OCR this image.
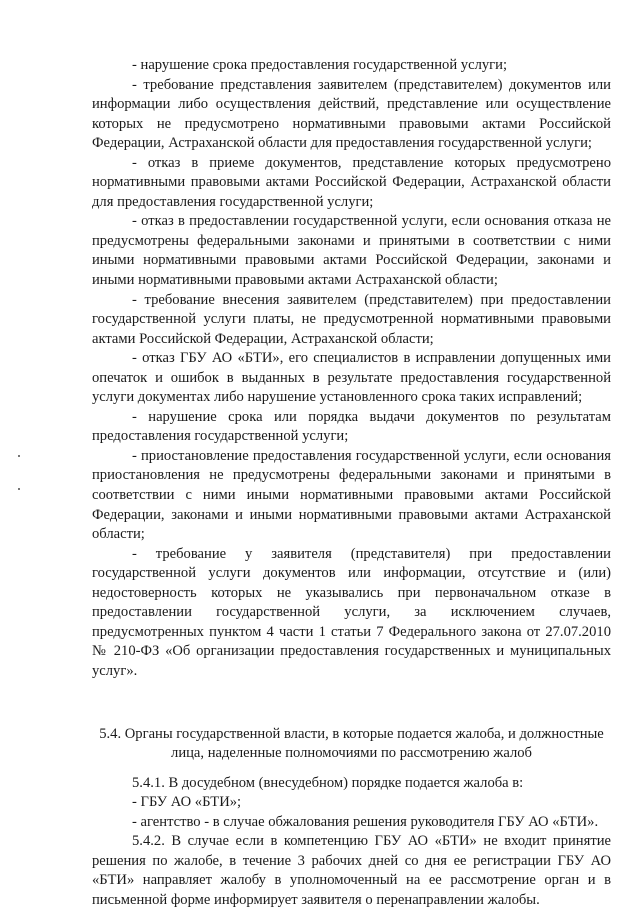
- нарушение срока предоставления государственной услуги;

- требование представления заявителем (представителем) документов или информации либо осуществления действий, представление или осуществление которых не предусмотрено нормативными правовыми актами Российской Федерации, Астраханской области для предоставления государственной услуги;

- отказ в приеме документов, представление которых предусмотрено нормативными правовыми актами Российской Федерации, Астраханской области для предоставления государственной услуги;

- отказ в предоставлении государственной услуги, если основания отказа не предусмотрены федеральными законами и принятыми в соответствии с ними иными нормативными правовыми актами Российской Федерации, законами и иными нормативными правовыми актами Астраханской области;

- требование внесения заявителем (представителем) при предоставлении государственной услуги платы, не предусмотренной нормативными правовыми актами Российской Федерации, Астраханской области;

- отказ ГБУ АО «БТИ», его специалистов в исправлении допущенных ими опечаток и ошибок в выданных в результате предоставления государственной услуги документах либо нарушение установленного срока таких исправлений;

- нарушение срока или порядка выдачи документов по результатам предоставления государственной услуги;

- приостановление предоставления государственной услуги, если основания приостановления не предусмотрены федеральными законами и принятыми в соответствии с ними иными нормативными правовыми актами Российской Федерации, законами и иными нормативными правовыми актами Астраханской области;

- требование у заявителя (представителя) при предоставлении государственной услуги документов или информации, отсутствие и (или) недостоверность которых не указывались при первоначальном отказе в предоставлении государственной услуги, за исключением случаев, предусмотренных пунктом 4 части 1 статьи 7 Федерального закона от 27.07.2010 № 210-ФЗ «Об организации предоставления государственных и муниципальных услуг».

5.4. Органы государственной власти, в которые подается жалоба, и должностные лица, наделенные полномочиями по рассмотрению жалоб

5.4.1. В досудебном (внесудебном) порядке подается жалоба в:

- ГБУ АО «БТИ»;

- агентство - в случае обжалования решения руководителя ГБУ АО «БТИ».

5.4.2. В случае если в компетенцию ГБУ АО «БТИ» не входит принятие решения по жалобе, в течение 3 рабочих дней со дня ее регистрации ГБУ АО «БТИ» направляет жалобу в уполномоченный на ее рассмотрение орган и в письменной форме информирует заявителя о перенаправлении жалобы.
